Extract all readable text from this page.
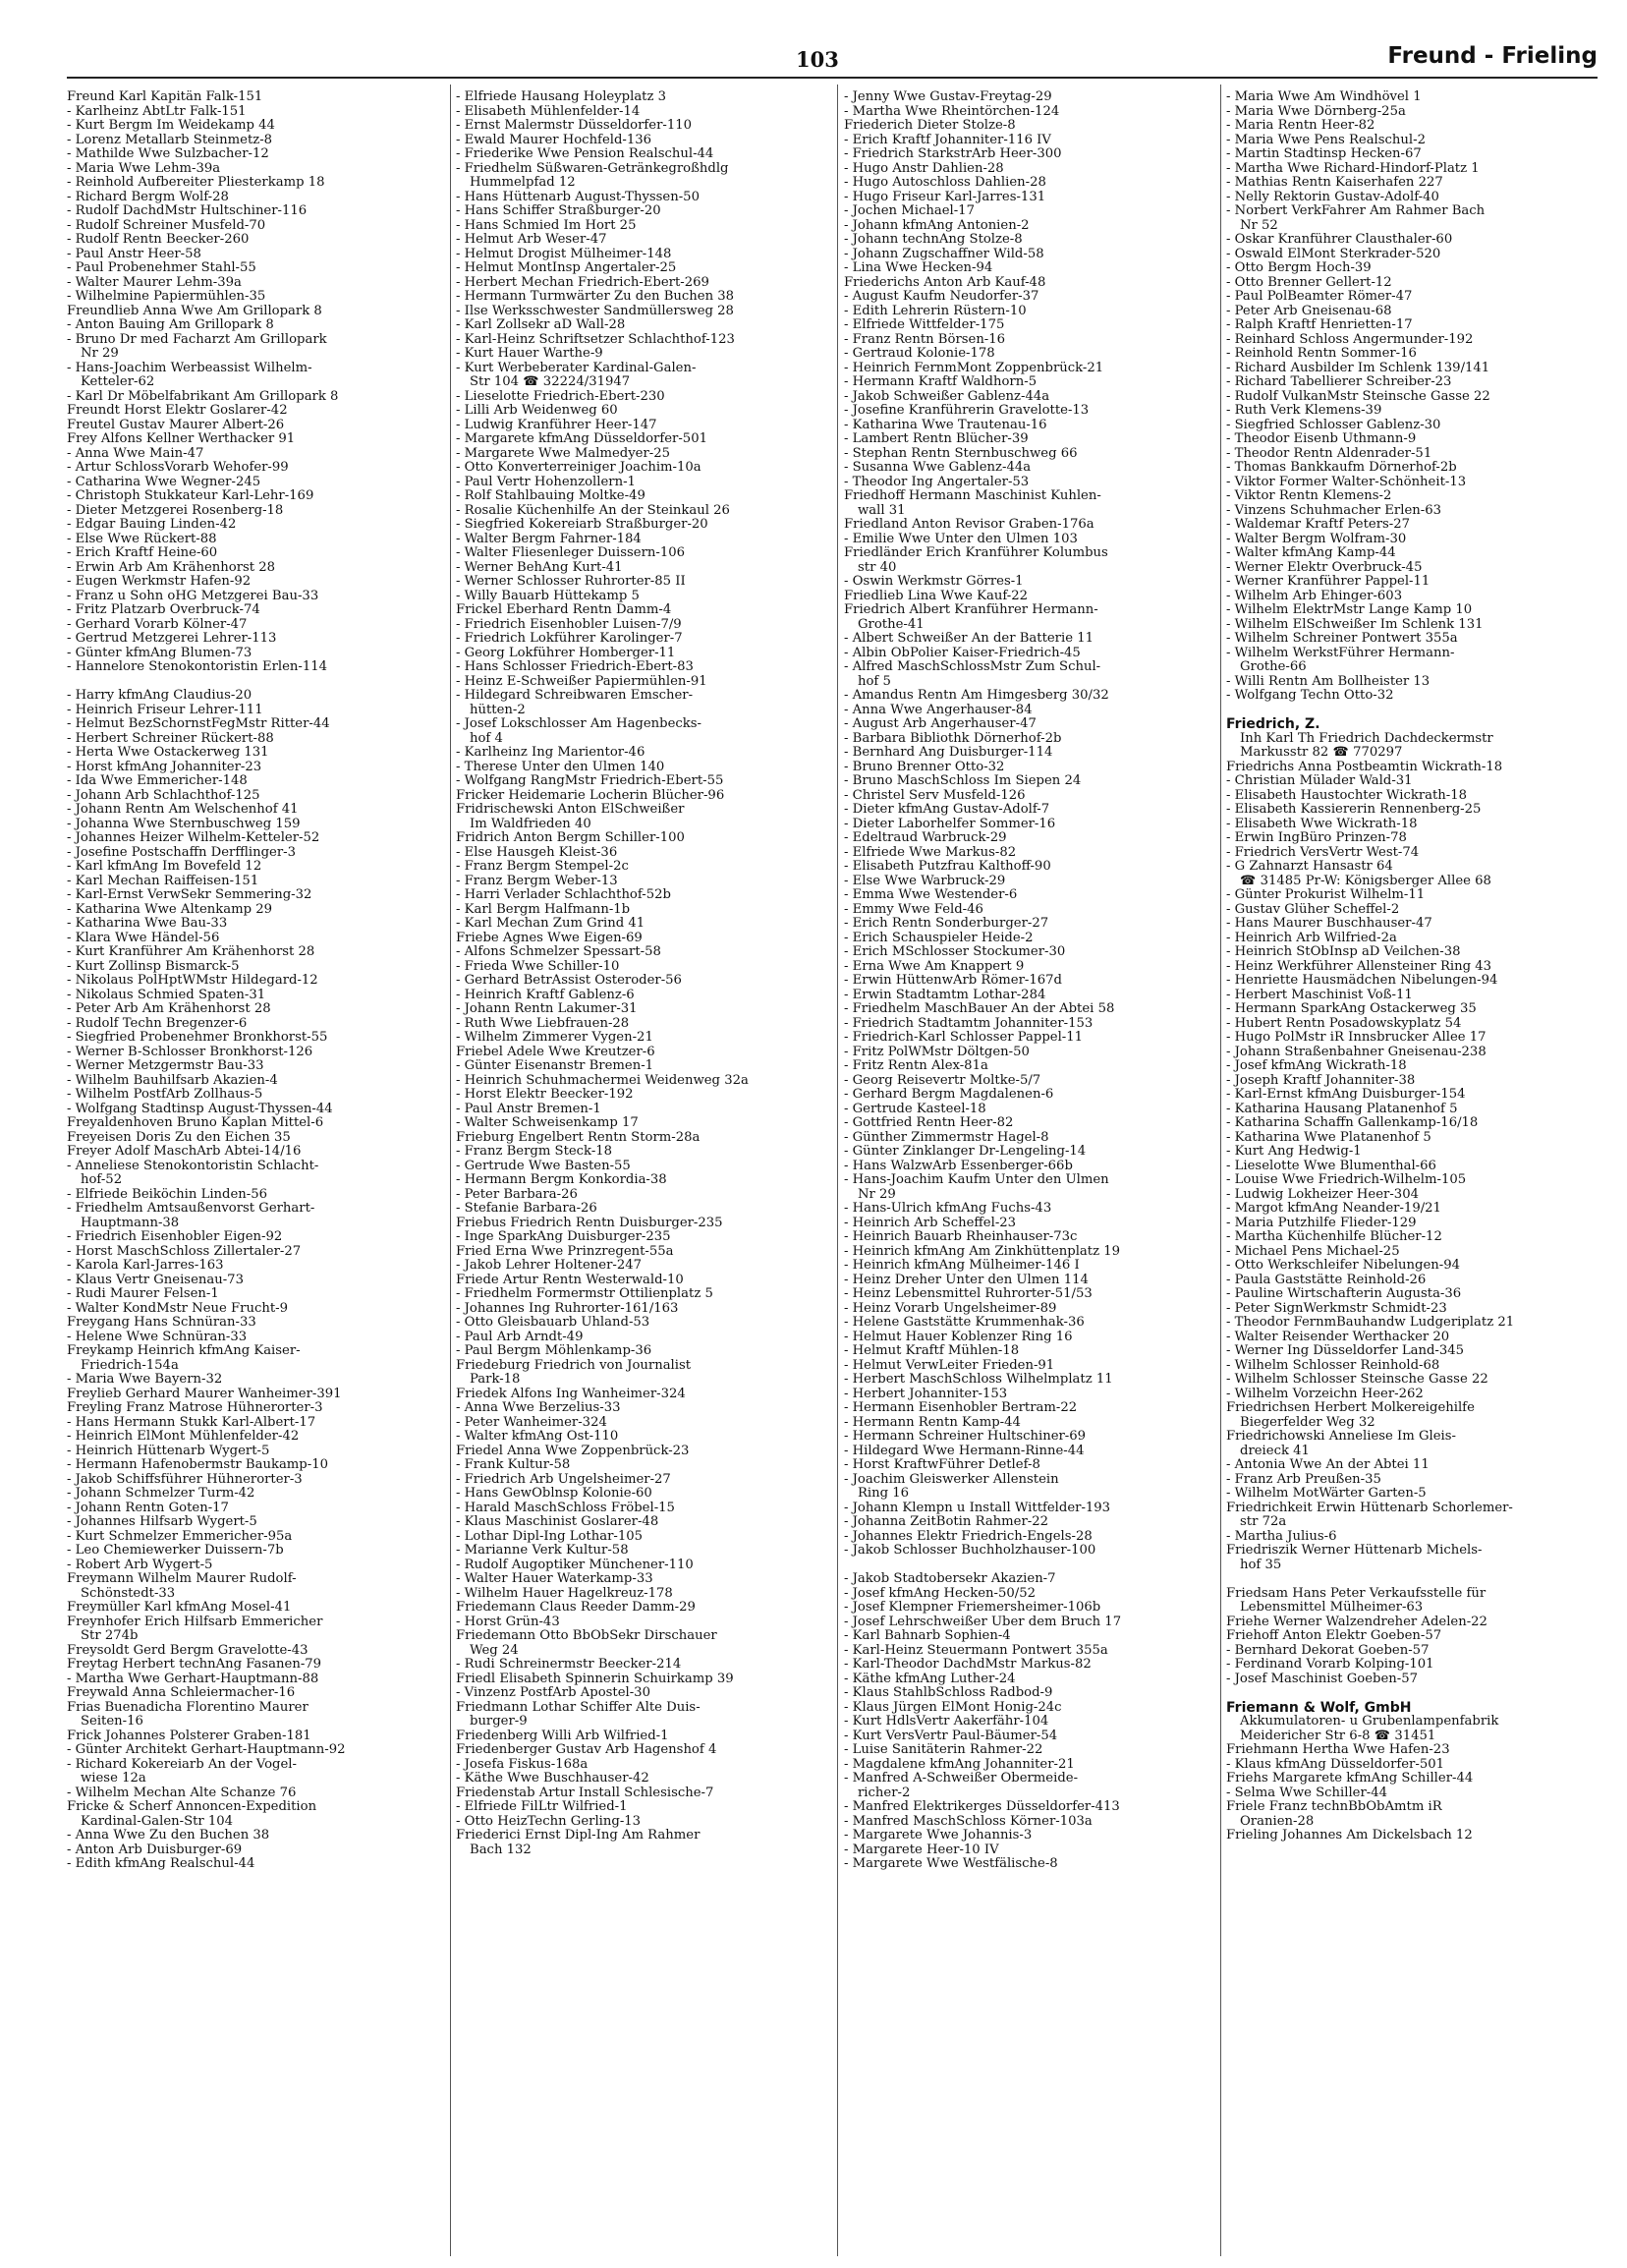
103	Freund - Frieling
Freund Karl Kapitän Falk-151
- Karlheinz AbtLtr Falk-151
- Kurt Bergm Im Weidekamp 44
- Lorenz Metallarb Steinmetz-8
- Mathilde Wwe Sulzbacher-12
- Maria Wwe Lehm-39a
- Reinhold Aufbereiter Pliesterkamp 18
- Richard Bergm Wolf-28
- Rudolf DachdMstr Hultschiner-116
- Rudolf Schreiner Musfeld-70
- Rudolf Rentn Beecker-260
- Paul Anstr Heer-58
- Paul Probenehmer Stahl-55
- Walter Maurer Lehm-39a
- Wilhelmine Papiermühlen-35
Freundlieb Anna Wwe Am Grillopark 8
- Anton Bauing Am Grillopark 8
- Bruno Dr med Facharzt Am Grillopark
Nr 29
- Hans-Joachim Werbeassist Wilhelm-
Ketteler-62
- Karl Dr Möbelfabrikant Am Grillopark 8
Freundt Horst Elektr Goslarer-42
Freutel Gustav Maurer Albert-26
Frey Alfons Kellner Werthacker 91
- Anna Wwe Main-47
- Artur SchlossVorarb Wehofer-99
- Catharina Wwe Wegner-245
- Christoph Stukkateur Karl-Lehr-169
- Dieter Metzgerei Rosenberg-18
- Edgar Bauing Linden-42
- Else Wwe Rückert-88
- Erich Kraftf Heine-60
- Erwin Arb Am Krähenhorst 28
- Eugen Werkmstr Hafen-92
- Franz u Sohn oHG Metzgerei Bau-33
- Fritz Platzarb Overbruck-74
- Gerhard Vorarb Kölner-47
- Gertrud Metzgerei Lehrer-113
- Günter kfmAng Blumen-73
- Hannelore Stenokontoristin Erlen-114
- Harry kfmAng Claudius-20
- Heinrich Friseur Lehrer-111
- Helmut BezSchornstFegMstr Ritter-44
- Herbert Schreiner Rückert-88
- Herta Wwe Ostackerweg 131
- Horst kfmAng Johanniter-23
- Ida Wwe Emmericher-148
- Johann Arb Schlachthof-125
- Johann Rentn Am Welschenhof 41
- Johanna Wwe Sternbuschweg 159
- Johannes Heizer Wilhelm-Ketteler-52
- Josefine Postschaffn Derfflinger-3
- Karl kfmAng Im Bovefeld 12
- Karl Mechan Raiffeisen-151
- Karl-Ernst VerwSekr Semmering-32
- Katharina Wwe Altenkamp 29
- Katharina Wwe Bau-33
- Klara Wwe Händel-56
- Kurt Kranführer Am Krähenhorst 28
- Kurt Zollinsp Bismarck-5
- Nikolaus PolHptWMstr Hildegard-12
- Nikolaus Schmied Spaten-31
- Peter Arb Am Krähenhorst 28
- Rudolf Techn Bregenzer-6
- Siegfried Probenehmer Bronkhorst-55
- Werner B-Schlosser Bronkhorst-126
- Werner Metzgermstr Bau-33
- Wilhelm Bauhilfsarb Akazien-4
- Wilhelm PostfArb Zollhaus-5
- Wolfgang Stadtinsp August-Thyssen-44
Freyaldenhoven Bruno Kaplan Mittel-6
Freyeisen Doris Zu den Eichen 35
Freyer Adolf MaschArb Abtei-14/16
- Anneliese Stenokontoristin Schlacht-
hof-52
- Elfriede Beiköchin Linden-56
- Friedhelm Amtsaußenvorst Gerhart-
Hauptmann-38
- Friedrich Eisenhobler Eigen-92
- Horst MaschSchloss Zillertaler-27
- Karola Karl-Jarres-163
- Klaus Vertr Gneisenau-73
- Rudi Maurer Felsen-1
- Walter KondMstr Neue Frucht-9
Freygang Hans Schnüran-33
- Helene Wwe Schnüran-33
Freykamp Heinrich kfmAng Kaiser-
Friedrich-154a
- Maria Wwe Bayern-32
Freylieb Gerhard Maurer Wanheimer-391
Freyling Franz Matrose Hühnerorter-3
- Hans Hermann Stukk Karl-Albert-17
- Heinrich ElMont Mühlenfelder-42
- Heinrich Hüttenarb Wygert-5
- Hermann Hafenobermstr Baukamp-10
- Jakob Schiffsführer Hühnerorter-3
- Johann Schmelzer Turm-42
- Johann Rentn Goten-17
- Johannes Hilfsarb Wygert-5
- Kurt Schmelzer Emmericher-95a
- Leo Chemiewerker Duissern-7b
- Robert Arb Wygert-5
Freymann Wilhelm Maurer Rudolf-
Schönstedt-33
Freymüller Karl kfmAng Mosel-41
Freynhofer Erich Hilfsarb Emmericher
Str 274b
Freysoldt Gerd Bergm Gravelotte-43
Freytag Herbert technAng Fasanen-79
- Martha Wwe Gerhart-Hauptmann-88
Freywald Anna Schleiermacher-16
Frias Buenadicha Florentino Maurer
Seiten-16
Frick Johannes Polsterer Graben-181
- Günter Architekt Gerhart-Hauptmann-92
- Richard Kokereiarb An der Vogel-
wiese 12a
- Wilhelm Mechan Alte Schanze 76
Fricke & Scherf Annoncen-Expedition
Kardinal-Galen-Str 104
- Anna Wwe Zu den Buchen 38
- Anton Arb Duisburger-69
- Edith kfmAng Realschul-44
- Elfriede Hausang Holeyplatz 3
- Elisabeth Mühlenfelder-14
- Ernst Malermstr Düsseldorfer-110
- Ewald Maurer Hochfeld-136
- Friederike Wwe Pension Realschul-44
- Friedhelm Süßwaren-Getränkegroßhdlg
Hummelpfad 12
- Hans Hüttenarb August-Thyssen-50
- Hans Schiffer Straßburger-20
- Hans Schmied Im Hort 25
- Helmut Arb Weser-47
- Helmut Drogist Mülheimer-148
- Helmut MontInsp Angertaler-25
- Herbert Mechan Friedrich-Ebert-269
- Hermann Turmwärter Zu den Buchen 38
- Ilse Werksschwester Sandmüllersweg 28
- Karl Zollsekr aD Wall-28
- Karl-Heinz Schriftsetzer Schlachthof-123
- Kurt Hauer Warthe-9
- Kurt Werbeberater Kardinal-Galen-
Str 104 ☎ 32224/31947
- Lieselotte Friedrich-Ebert-230
- Lilli Arb Weidenweg 60
- Ludwig Kranführer Heer-147
- Margarete kfmAng Düsseldorfer-501
- Margarete Wwe Malmedyer-25
- Otto Konverterreiniger Joachim-10a
- Paul Vertr Hohenzollern-1
- Rolf Stahlbauing Moltke-49
- Rosalie Küchenhilfe An der Steinkaul 26
- Siegfried Kokereiarb Straßburger-20
- Walter Bergm Fahrner-184
- Walter Fliesenleger Duissern-106
- Werner BehAng Kurt-41
- Werner Schlosser Ruhrorter-85 II
- Willy Bauarb Hüttekamp 5
Frickel Eberhard Rentn Damm-4
- Friedrich Eisenhobler Luisen-7/9
- Friedrich Lokführer Karolinger-7
- Georg Lokführer Homberger-11
- Hans Schlosser Friedrich-Ebert-83
- Heinz E-Schweißer Papiermühlen-91
- Hildegard Schreibwaren Emscher-
hütten-2
- Josef Lokschlosser Am Hagenbecks-
hof 4
- Karlheinz Ing Marientor-46
- Therese Unter den Ulmen 140
- Wolfgang RangMstr Friedrich-Ebert-55
Fricker Heidemarie Locherin Blücher-96
Fridrischewski Anton ElSchweißer
Im Waldfrieden 40
Fridrich Anton Bergm Schiller-100
- Else Hausgeh Kleist-36
- Franz Bergm Stempel-2c
- Franz Bergm Weber-13
- Harri Verlader Schlachthof-52b
- Karl Bergm Halfmann-1b
- Karl Mechan Zum Grind 41
Friebe Agnes Wwe Eigen-69
- Alfons Schmelzer Spessart-58
- Frieda Wwe Schiller-10
- Gerhard BetrAssist Osteroder-56
- Heinrich Kraftf Gablenz-6
- Johann Rentn Lakumer-31
- Ruth Wwe Liebfrauen-28
- Wilhelm Zimmerer Vygen-21
Friebel Adele Wwe Kreutzer-6
- Günter Eisenanstr Bremen-1
- Heinrich Schuhmachermei Weidenweg 32a
- Horst Elektr Beecker-192
- Paul Anstr Bremen-1
- Walter Schweisenkamp 17
Frieburg Engelbert Rentn Storm-28a
- Franz Bergm Steck-18
- Gertrude Wwe Basten-55
- Hermann Bergm Konkordia-38
- Peter Barbara-26
- Stefanie Barbara-26
Friebus Friedrich Rentn Duisburger-235
- Inge SparkAng Duisburger-235
Fried Erna Wwe Prinzregent-55a
- Jakob Lehrer Holtener-247
Friede Artur Rentn Westerwald-10
- Friedhelm Formermstr Ottilienplatz 5
- Johannes Ing Ruhrorter-161/163
- Otto Gleisbauarb Uhland-53
- Paul Arb Arndt-49
- Paul Bergm Möhlenkamp-36
Friedeburg Friedrich von Journalist
Park-18
Friedek Alfons Ing Wanheimer-324
- Anna Wwe Berzelius-33
- Peter Wanheimer-324
- Walter kfmAng Ost-110
Friedel Anna Wwe Zoppenbrück-23
- Frank Kultur-58
- Friedrich Arb Ungelsheimer-27
- Hans GewOblnsp Kolonie-60
- Harald MaschSchloss Fröbel-15
- Klaus Maschinist Goslarer-48
- Lothar Dipl-Ing Lothar-105
- Marianne Verk Kultur-58
- Rudolf Augoptiker Münchener-110
- Walter Hauer Waterkamp-33
- Wilhelm Hauer Hagelkreuz-178
Friedemann Claus Reeder Damm-29
- Horst Grün-43
Friedemann Otto BbObSekr Dirschauer
Weg 24
- Rudi Schreinermstr Beecker-214
Friedl Elisabeth Spinnerin Schuirkamp 39
- Vinzenz PostfArb Apostel-30
Friedmann Lothar Schiffer Alte Duis-
burger-9
Friedenberg Willi Arb Wilfried-1
Friedenberger Gustav Arb Hagenshof 4
- Josefa Fiskus-168a
- Käthe Wwe Buschhauser-42
Friedenstab Artur Install Schlesische-7
- Elfriede FilLtr Wilfried-1
- Otto HeizTechn Gerling-13
Friederici Ernst Dipl-Ing Am Rahmer
Bach 132
- Jenny Wwe Gustav-Freytag-29
- Martha Wwe Rheintörchen-124
Friederich Dieter Stolze-8
- Erich Kraftf Johanniter-116 IV
- Friedrich StarkstrArb Heer-300
- Hugo Anstr Dahlien-28
- Hugo Autoschloss Dahlien-28
- Hugo Friseur Karl-Jarres-131
- Jochen Michael-17
- Johann kfmAng Antonien-2
- Johann technAng Stolze-8
- Johann Zugschaffner Wild-58
- Lina Wwe Hecken-94
Friederichs Anton Arb Kauf-48
- August Kaufm Neudorfer-37
- Edith Lehrerin Rüstern-10
- Elfriede Wittfelder-175
- Franz Rentn Börsen-16
- Gertraud Kolonie-178
- Heinrich FernmMont Zoppenbrück-21
- Hermann Kraftf Waldhorn-5
- Jakob Schweißer Gablenz-44a
- Josefine Kranführerin Gravelotte-13
- Katharina Wwe Trautenau-16
- Lambert Rentn Blücher-39
- Stephan Rentn Sternbuschweg 66
- Susanna Wwe Gablenz-44a
- Theodor Ing Angertaler-53
Friedhoff Hermann Maschinist Kuhlen-
wall 31
Friedland Anton Revisor Graben-176a
- Emilie Wwe Unter den Ulmen 103
Friedländer Erich Kranführer Kolumbus
str 40
- Oswin Werkmstr Görres-1
Friedlieb Lina Wwe Kauf-22
Friedrich Albert Kranführer Hermann-
Grothe-41
- Albert Schweißer An der Batterie 11
- Albin ObPolier Kaiser-Friedrich-45
- Alfred MaschSchlossMstr Zum Schul-
hof 5
- Amandus Rentn Am Himgesberg 30/32
- Anna Wwe Angerhauser-84
- August Arb Angerhauser-47
- Barbara Bibliothk Dörnerhof-2b
- Bernhard Ang Duisburger-114
- Bruno Brenner Otto-32
- Bruno MaschSchloss Im Siepen 24
- Christel Serv Musfeld-126
- Dieter kfmAng Gustav-Adolf-7
- Dieter Laborhelfer Sommer-16
- Edeltraud Warbruck-29
- Elfriede Wwe Markus-82
- Elisabeth Putzfrau Kalthoff-90
- Else Wwe Warbruck-29
- Emma Wwe Westender-6
- Emmy Wwe Feld-46
- Erich Rentn Sonderburger-27
- Erich Schauspieler Heide-2
- Erich MSchlosser Stockumer-30
- Erna Wwe Am Knappert 9
- Erwin HüttenwArb Römer-167d
- Erwin Stadtamtm Lothar-284
- Friedhelm MaschBauer An der Abtei 58
- Friedrich Stadtamtm Johanniter-153
- Friedrich-Karl Schlosser Pappel-11
- Fritz PolWMstr Döltgen-50
- Fritz Rentn Alex-81a
- Georg Reisevertr Moltke-5/7
- Gerhard Bergm Magdalenen-6
- Gertrude Kasteel-18
- Gottfried Rentn Heer-82
- Günther Zimmermstr Hagel-8
- Günter Zinklanger Dr-Lengeling-14
- Hans WalzwArb Essenberger-66b
- Hans-Joachim Kaufm Unter den Ulmen
Nr 29
- Hans-Ulrich kfmAng Fuchs-43
- Heinrich Arb Scheffel-23
- Heinrich Bauarb Rheinhauser-73c
- Heinrich kfmAng Am Zinkhüttenplatz 19
- Heinrich kfmAng Mülheimer-146 I
- Heinz Dreher Unter den Ulmen 114
- Heinz Lebensmittel Ruhrorter-51/53
- Heinz Vorarb Ungelsheimer-89
- Helene Gaststätte Krummenhak-36
- Helmut Hauer Koblenzer Ring 16
- Helmut Kraftf Mühlen-18
- Helmut VerwLeiter Frieden-91
- Herbert MaschSchloss Wilhelmplatz 11
- Herbert Johanniter-153
- Hermann Eisenhobler Bertram-22
- Hermann Rentn Kamp-44
- Hermann Schreiner Hultschiner-69
- Hildegard Wwe Hermann-Rinne-44
- Horst KraftwFührer Detlef-8
- Joachim Gleiswerker Allenstein
Ring 16
- Johann Klempn u Install Wittfelder-193
- Johanna ZeitBotin Rahmer-22
- Johannes Elektr Friedrich-Engels-28
- Jakob Schlosser Buchholzhauser-100
- Jakob Stadtobersekr Akazien-7
- Josef kfmAng Hecken-50/52
- Josef Klempner Friemersheimer-106b
- Josef Lehrschweißer Über dem Bruch 17
- Karl Bahnarb Sophien-4
- Karl-Heinz Steuermann Pontwert 355a
- Karl-Theodor DachdMstr Markus-82
- Käthe kfmAng Luther-24
- Klaus StahlbSchloss Radbod-9
- Klaus Jürgen ElMont Honig-24c
- Kurt HdlsVertr Aakerfähr-104
- Kurt VersVertr Paul-Bäumer-54
- Luise Sanitäterin Rahmer-22
- Magdalene kfmAng Johanniter-21
- Manfred A-Schweißer Obermeide-
richer-2
- Manfred Elektrikerges Düsseldorfer-413
- Manfred MaschSchloss Körner-103a
- Margarete Wwe Johannis-3
- Margarete Heer-10 IV
- Margarete Wwe Westfälische-8
- Maria Wwe Am Windhövel 1
- Maria Wwe Dörnberg-25a
- Maria Rentn Heer-82
- Maria Wwe Pens Realschul-2
- Martin Stadtinsp Hecken-67
- Martha Wwe Richard-Hindorf-Platz 1
- Mathias Rentn Kaiserhafen 227
- Nelly Rektorin Gustav-Adolf-40
- Norbert VerkFahrer Am Rahmer Bach
Nr 52
- Oskar Kranführer Clausthaler-60
- Oswald ElMont Sterkrader-520
- Otto Bergm Hoch-39
- Otto Brenner Gellert-12
- Paul PolBeamter Römer-47
- Peter Arb Gneisenau-68
- Ralph Kraftf Henrietten-17
- Reinhard Schloss Angermunder-192
- Reinhold Rentn Sommer-16
- Richard Ausbilder Im Schlenk 139/141
- Richard Tabellierer Schreiber-23
- Rudolf VulkanMstr Steinsche Gasse 22
- Ruth Verk Klemens-39
- Siegfried Schlosser Gablenz-30
- Theodor Eisenb Uthmann-9
- Theodor Rentn Aldenrader-51
- Thomas Bankkaufm Dörnerhof-2b
- Viktor Former Walter-Schönheit-13
- Viktor Rentn Klemens-2
- Vinzens Schuhmacher Erlen-63
- Waldemar Kraftf Peters-27
- Walter Bergm Wolfram-30
- Walter kfmAng Kamp-44
- Werner Elektr Overbruck-45
- Werner Kranführer Pappel-11
- Wilhelm Arb Ehinger-603
- Wilhelm ElektrMstr Lange Kamp 10
- Wilhelm ElSchweißer Im Schlenk 131
- Wilhelm Schreiner Pontwert 355a
- Wilhelm WerkstFührer Hermann-
Grothe-66
- Willi Rentn Am Bollheister 13
- Wolfgang Techn Otto-32
Friedrich, Z.
Inh Karl Th Friedrich Dachdeckermstr
Markusstr 82 ☎ 770297
Friedrichs Anna Postbeamtin Wickrath-18
- Christian Mülader Wald-31
- Elisabeth Haustochter Wickrath-18
- Elisabeth Kassiererin Rennenberg-25
- Elisabeth Wwe Wickrath-18
- Erwin IngBüro Prinzen-78
- Friedrich VersVertr West-74
- G Zahnarzt Hansastr 64
☎ 31485 Pr-W: Königsberger Allee 68
- Günter Prokurist Wilhelm-11
- Gustav Glüher Scheffel-2
- Hans Maurer Buschhauser-47
- Heinrich Arb Wilfried-2a
- Heinrich StObInsp aD Veilchen-38
- Heinz Werkführer Allensteiner Ring 43
- Henriette Hausmädchen Nibelungen-94
- Herbert Maschinist Voß-11
- Hermann SparkAng Ostackerweg 35
- Hubert Rentn Posadowskyplatz 54
- Hugo PolMstr iR Innsbrucker Allee 17
- Johann Straßenbahner Gneisenau-238
- Josef kfmAng Wickrath-18
- Joseph Kraftf Johanniter-38
- Karl-Ernst kfmAng Duisburger-154
- Katharina Hausang Platanenhof 5
- Katharina Schaffn Gallenkamp-16/18
- Katharina Wwe Platanenhof 5
- Kurt Ang Hedwig-1
- Lieselotte Wwe Blumenthal-66
- Louise Wwe Friedrich-Wilhelm-105
- Ludwig Lokheizer Heer-304
- Margot kfmAng Neander-19/21
- Maria Putzhilfe Flieder-129
- Martha Küchenhilfe Blücher-12
- Michael Pens Michael-25
- Otto Werkschleifer Nibelungen-94
- Paula Gaststätte Reinhold-26
- Pauline Wirtschafterin Augusta-36
- Peter SignWerkmstr Schmidt-23
- Theodor FernmBauhandw Ludgeriplatz 21
- Walter Reisender Werthacker 20
- Werner Ing Düsseldorfer Land-345
- Wilhelm Schlosser Reinhold-68
- Wilhelm Schlosser Steinsche Gasse 22
- Wilhelm Vorzeichn Heer-262
Friedrichsen Herbert Molkereigehilfe
Biegerfelder Weg 32
Friedrichowski Anneliese Im Gleis-
dreieck 41
- Antonia Wwe An der Abtei 11
- Franz Arb Preußen-35
- Wilhelm MotWärter Garten-5
Friedrichkeit Erwin Hüttenarb Schorlemer-
str 72a
- Martha Julius-6
Friedriszik Werner Hüttenarb Michels-
hof 35
Friedsam Hans Peter Verkaufsstelle für
Lebensmittel Mülheimer-63
Friehe Werner Walzendreher Adelen-22
Friehoff Anton Elektr Goeben-57
- Bernhard Dekorat Goeben-57
- Ferdinand Vorarb Kolping-101
- Josef Maschinist Goeben-57
Friemann & Wolf, GmbH
Akkumulatoren- u Grubenlampenfabrik
Meidericher Str 6-8 ☎ 31451
Friehmann Hertha Wwe Hafen-23
- Klaus kfmAng Düsseldorfer-501
Friehs Margarete kfmAng Schiller-44
- Selma Wwe Schiller-44
Friele Franz technBbObAmtm iR
Oranien-28
Frieling Johannes Am Dickelsbach 12
